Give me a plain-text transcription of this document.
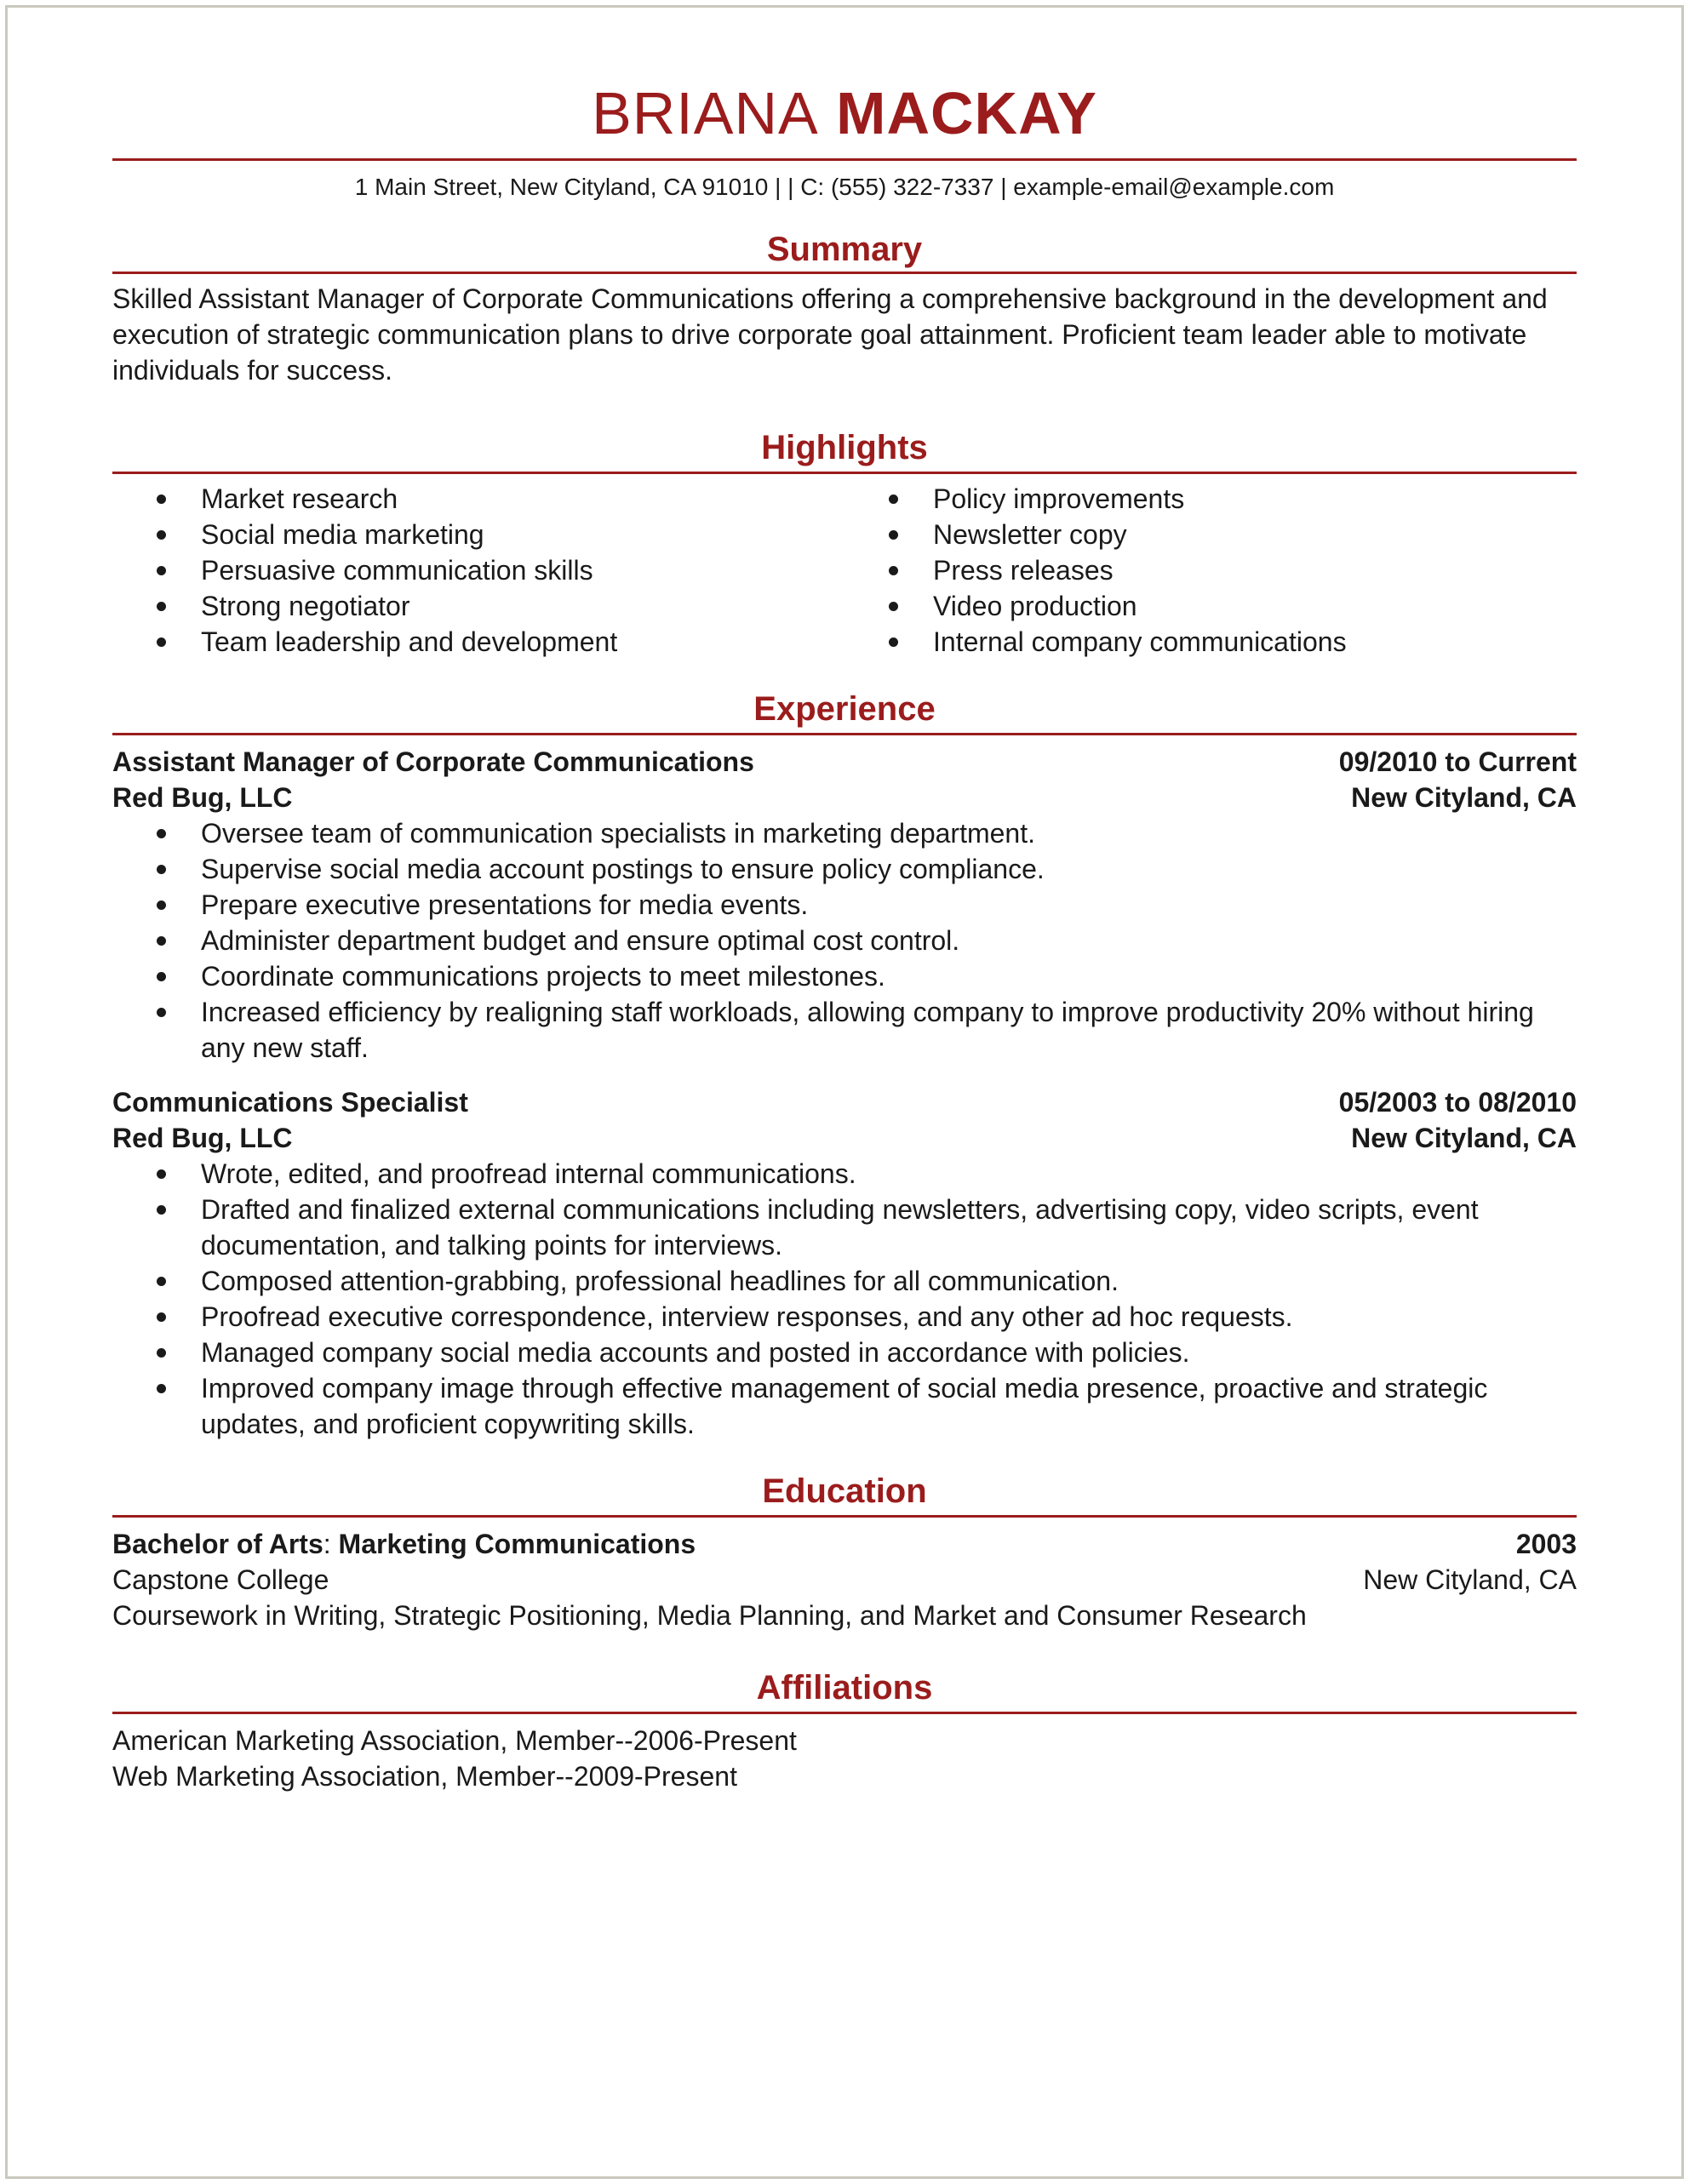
BRIANA MACKAY
1 Main Street, New Cityland, CA 91010 | | C: (555) 322-7337 | example-email@example.com
Summary
Skilled Assistant Manager of Corporate Communications offering a comprehensive background in the development and execution of strategic communication plans to drive corporate goal attainment. Proficient team leader able to motivate individuals for success.
Highlights
Market research
Social media marketing
Persuasive communication skills
Strong negotiator
Team leadership and development
Policy improvements
Newsletter copy
Press releases
Video production
Internal company communications
Experience
Assistant Manager of Corporate Communications	09/2010 to Current
Red Bug, LLC	New Cityland, CA
Oversee team of communication specialists in marketing department.
Supervise social media account postings to ensure policy compliance.
Prepare executive presentations for media events.
Administer department budget and ensure optimal cost control.
Coordinate communications projects to meet milestones.
Increased efficiency by realigning staff workloads, allowing company to improve productivity 20% without hiring any new staff.
Communications Specialist	05/2003 to 08/2010
Red Bug, LLC	New Cityland, CA
Wrote, edited, and proofread internal communications.
Drafted and finalized external communications including newsletters, advertising copy, video scripts, event documentation, and talking points for interviews.
Composed attention-grabbing, professional headlines for all communication.
Proofread executive correspondence, interview responses, and any other ad hoc requests.
Managed company social media accounts and posted in accordance with policies.
Improved company image through effective management of social media presence, proactive and strategic updates, and proficient copywriting skills.
Education
Bachelor of Arts: Marketing Communications	2003
Capstone College	New Cityland, CA
Coursework in Writing, Strategic Positioning, Media Planning, and Market and Consumer Research
Affiliations
American Marketing Association, Member--2006-Present
Web Marketing Association, Member--2009-Present
